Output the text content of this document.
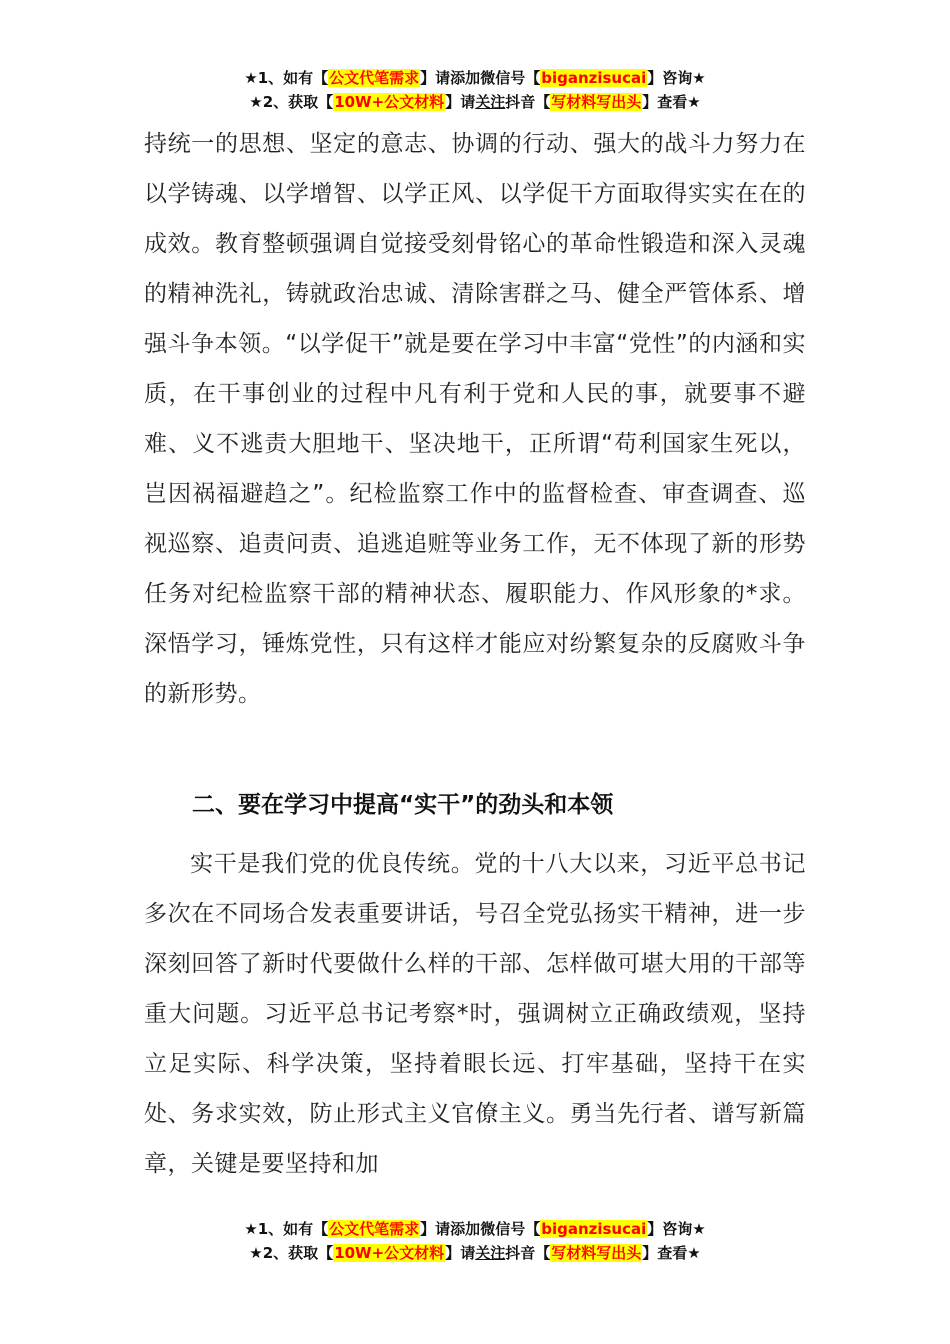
★1、如有【公文代笔需求】请添加微信号【biganzisucai】咨询★
★2、获取【10W+公文材料】请关注抖音【写材料写出头】查看★
持统一的思想、坚定的意志、协调的行动、强大的战斗力努力在以学铸魂、以学增智、以学正风、以学促干方面取得实实在在的成效。教育整顿强调自觉接受刻骨铭心的革命性锻造和深入灵魂的精神洗礼，铸就政治忠诚、清除害群之马、健全严管体系、增强斗争本领。“以学促干”就是要在学习中丰富“党性”的内涵和实质，在干事创业的过程中凡有利于党和人民的事，就要事不避难、义不逃责大胆地干、坚决地干，正所谓“苟利国家生死以，岂因祸福避趋之”。纪检监察工作中的监督检查、审查调查、巡视巡察、追责问责、追逃追赃等业务工作，无不体现了新的形势任务对纪检监察干部的精神状态、履职能力、作风形象的*求。深悟学习，锤炼党性，只有这样才能应对纷繁复杂的反腐败斗争的新形势。
二、要在学习中提高“实干”的劲头和本领
实干是我们党的优良传统。党的十八大以来，习近平总书记多次在不同场合发表重要讲话，号召全党弘扬实干精神，进一步深刻回答了新时代要做什么样的干部、怎样做可堪大用的干部等重大问题。习近平总书记考察*时，强调树立正确政绩观，坚持立足实际、科学决策，坚持着眼长远、打牢基础，坚持干在实处、务求实效，防止形式主义官僚主义。勇当先行者、谱写新篇章，关键是要坚持和加
★1、如有【公文代笔需求】请添加微信号【biganzisucai】咨询★
★2、获取【10W+公文材料】请关注抖音【写材料写出头】查看★
